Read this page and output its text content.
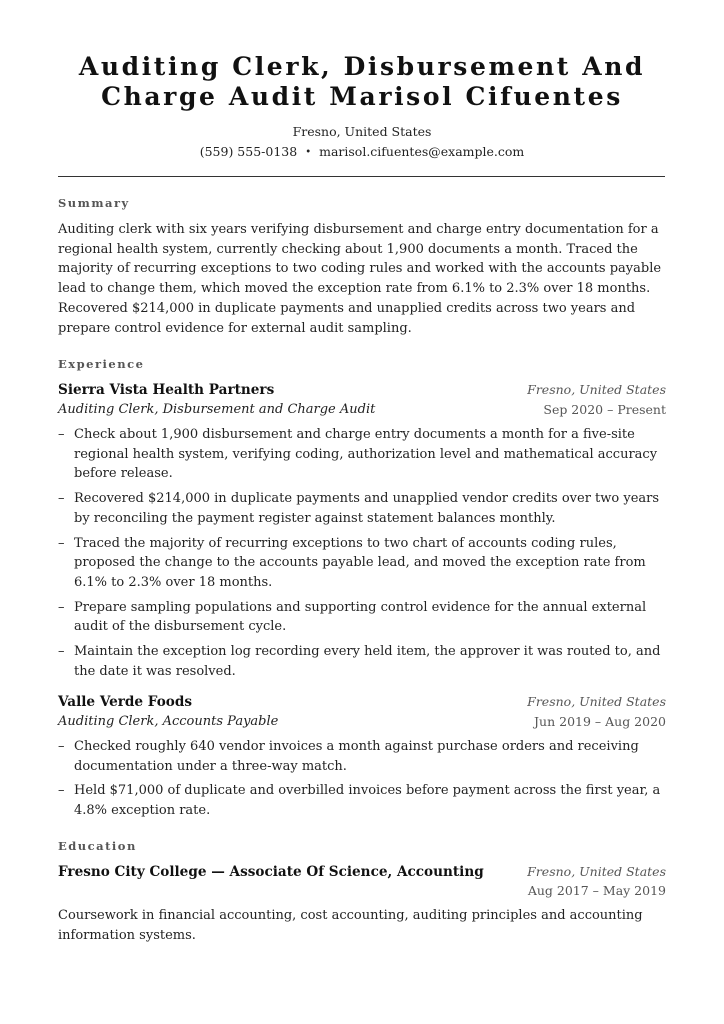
Auditing Clerk, Disbursement And
Charge Audit Marisol Cifuentes
Fresno, United States
(559) 555-0138 • marisol.cifuentes@example.com
Summary
Auditing clerk with six years verifying disbursement and charge entry documentation for a regional health system, currently checking about 1,900 documents a month. Traced the majority of recurring exceptions to two coding rules and worked with the accounts payable lead to change them, which moved the exception rate from 6.1% to 2.3% over 18 months. Recovered $214,000 in duplicate payments and unapplied credits across two years and prepare control evidence for external audit sampling.
Experience
Sierra Vista Health Partners	Fresno, United States
Auditing Clerk, Disbursement and Charge Audit	Sep 2020 – Present
– Check about 1,900 disbursement and charge entry documents a month for a five-site regional health system, verifying coding, authorization level and mathematical accuracy before release.
– Recovered $214,000 in duplicate payments and unapplied vendor credits over two years by reconciling the payment register against statement balances monthly.
– Traced the majority of recurring exceptions to two chart of accounts coding rules, proposed the change to the accounts payable lead, and moved the exception rate from 6.1% to 2.3% over 18 months.
– Prepare sampling populations and supporting control evidence for the annual external audit of the disbursement cycle.
– Maintain the exception log recording every held item, the approver it was routed to, and the date it was resolved.
Valle Verde Foods	Fresno, United States
Auditing Clerk, Accounts Payable	Jun 2019 – Aug 2020
– Checked roughly 640 vendor invoices a month against purchase orders and receiving documentation under a three-way match.
– Held $71,000 of duplicate and overbilled invoices before payment across the first year, a 4.8% exception rate.
Education
Fresno City College — Associate Of Science, Accounting	Fresno, United States
Aug 2017 – May 2019
Coursework in financial accounting, cost accounting, auditing principles and accounting information systems.
